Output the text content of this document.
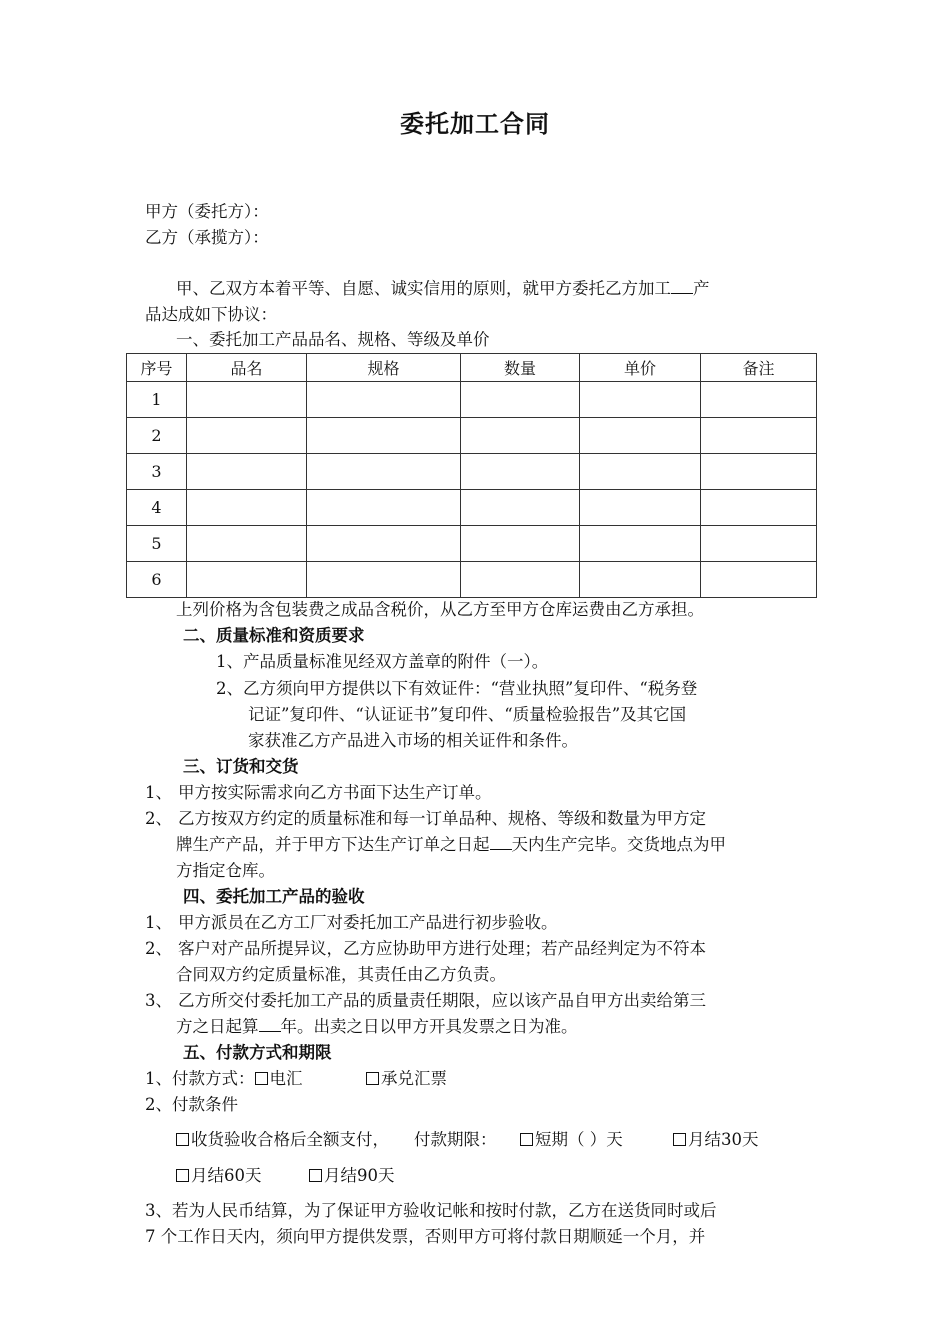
委托加工合同
甲方（委托方）：
乙方（承揽方）：
甲、乙双方本着平等、自愿、诚实信用的原则，就甲方委托乙方加工 产
品达成如下协议：
一、委托加工产品品名、规格、等级及单价
序号	品名	规格	数量	单价	备注
1					
2					
3					
4					
5					
6					
上列价格为含包装费之成品含税价，从乙方至甲方仓库运费由乙方承担。
二、质量标准和资质要求
1、产品质量标准见经双方盖章的附件（一）。
2、乙方须向甲方提供以下有效证件：“营业执照”复印件、“税务登
记证”复印件、“认证证书”复印件、“质量检验报告”及其它国
家获准乙方产品进入市场的相关证件和条件。
三、订货和交货
1、 甲方按实际需求向乙方书面下达生产订单。
2、 乙方按双方约定的质量标准和每一订单品种、规格、等级和数量为甲方定
牌生产产品，并于甲方下达生产订单之日起 天内生产完毕。交货地点为甲
方指定仓库。
四、委托加工产品的验收
1、 甲方派员在乙方工厂对委托加工产品进行初步验收。
2、 客户对产品所提异议，乙方应协助甲方进行处理；若产品经判定为不符本
合同双方约定质量标准，其责任由乙方负责。
3、 乙方所交付委托加工产品的质量责任期限，应以该产品自甲方出卖给第三
方之日起算 年。出卖之日以甲方开具发票之日为准。
五、付款方式和期限
1、付款方式： 电汇	承兑汇票
2、付款条件
收货验收合格后全额支付， 付款期限：	短期（ ）天	月结30天
月结60天	月结90天
3、若为人民币结算，为了保证甲方验收记帐和按时付款，乙方在送货同时或后
7 个工作日天内，须向甲方提供发票，否则甲方可将付款日期顺延一个月，并
